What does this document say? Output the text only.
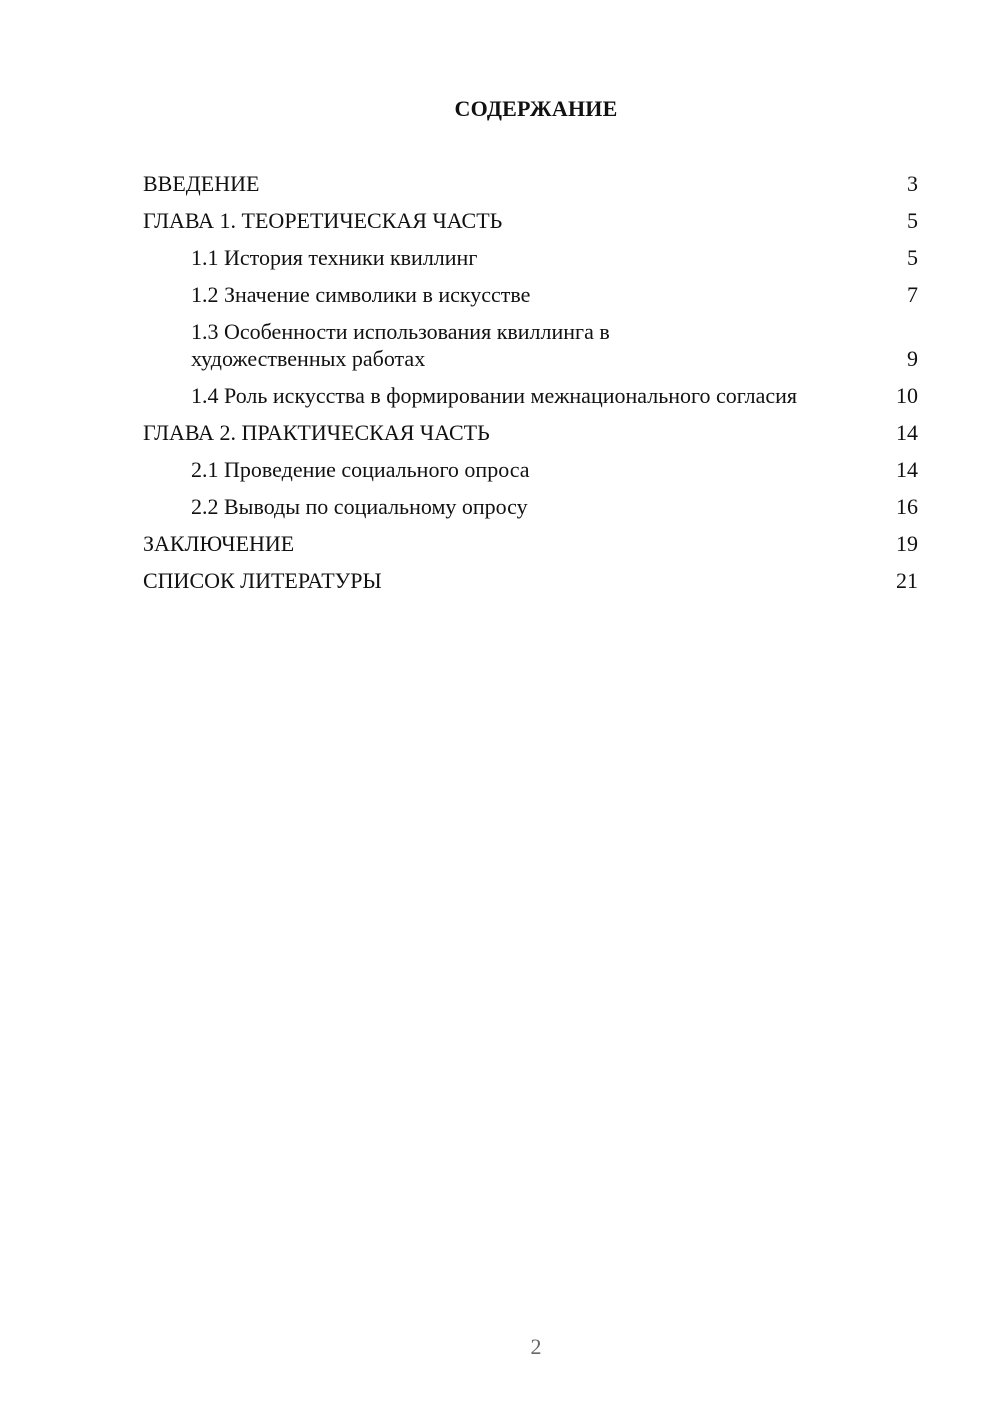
СОДЕРЖАНИЕ
ВВЕДЕНИЕ	3
ГЛАВА 1. ТЕОРЕТИЧЕСКАЯ ЧАСТЬ	5
1.1 История техники квиллинг	5
1.2 Значение символики в искусстве	7
1.3 Особенности использования квиллинга в художественных работах	9
1.4 Роль искусства в формировании межнационального согласия	10
ГЛАВА 2. ПРАКТИЧЕСКАЯ ЧАСТЬ	14
2.1 Проведение социального опроса	14
2.2 Выводы по социальному опросу	16
ЗАКЛЮЧЕНИЕ	19
СПИСОК ЛИТЕРАТУРЫ	21
2
